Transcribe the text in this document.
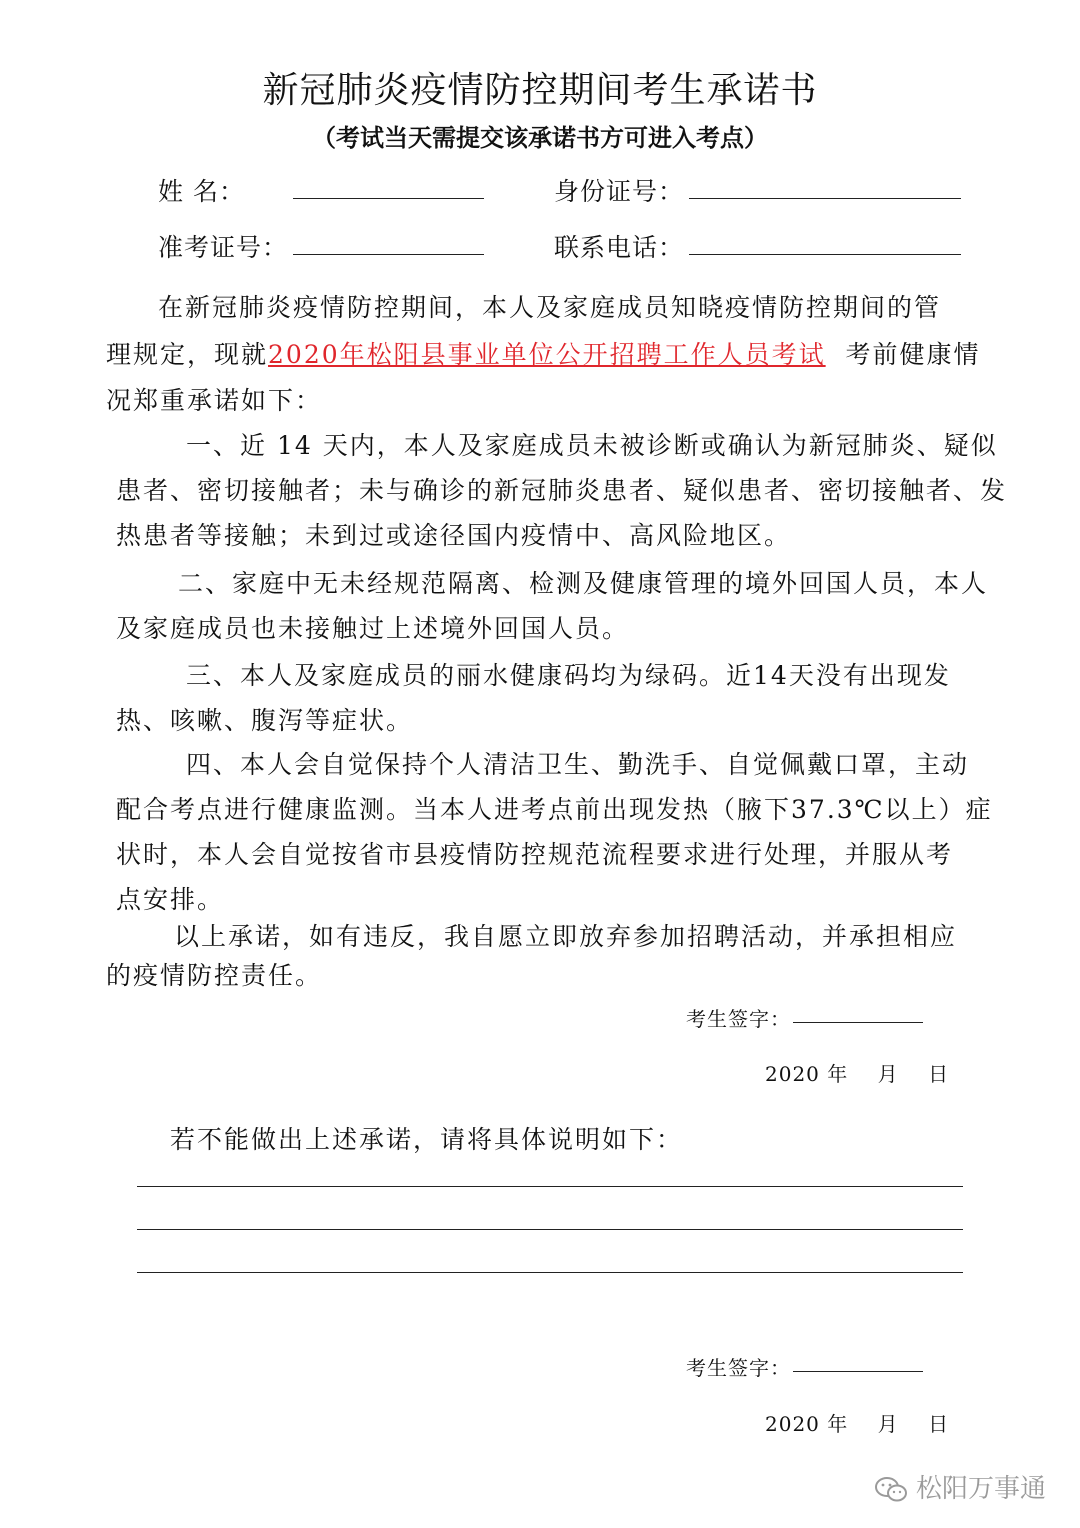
新冠肺炎疫情防控期间考生承诺书
（考试当天需提交该承诺书方可进入考点）
姓 名：	身份证号：
准考证号：	联系电话：
在新冠肺炎疫情防控期间，本人及家庭成员知晓疫情防控期间的管
理规定，现就2020年松阳县事业单位公开招聘工作人员考试 考前健康情
况郑重承诺如下：
一、近 14 天内，本人及家庭成员未被诊断或确认为新冠肺炎、疑似
患者、密切接触者；未与确诊的新冠肺炎患者、疑似患者、密切接触者、发
热患者等接触；未到过或途径国内疫情中、高风险地区。
二、家庭中无未经规范隔离、检测及健康管理的境外回国人员，本人
及家庭成员也未接触过上述境外回国人员。
三、本人及家庭成员的丽水健康码均为绿码。近14天没有出现发
热、咳嗽、腹泻等症状。
四、本人会自觉保持个人清洁卫生、勤洗手、自觉佩戴口罩，主动
配合考点进行健康监测。当本人进考点前出现发热（腋下37.3℃以上）症
状时，本人会自觉按省市县疫情防控规范流程要求进行处理，并服从考
点安排。
以上承诺，如有违反，我自愿立即放弃参加招聘活动，并承担相应
的疫情防控责任。
考生签字：
2020 年    月    日
若不能做出上述承诺，请将具体说明如下：
考生签字：
2020 年    月    日
松阳万事通
